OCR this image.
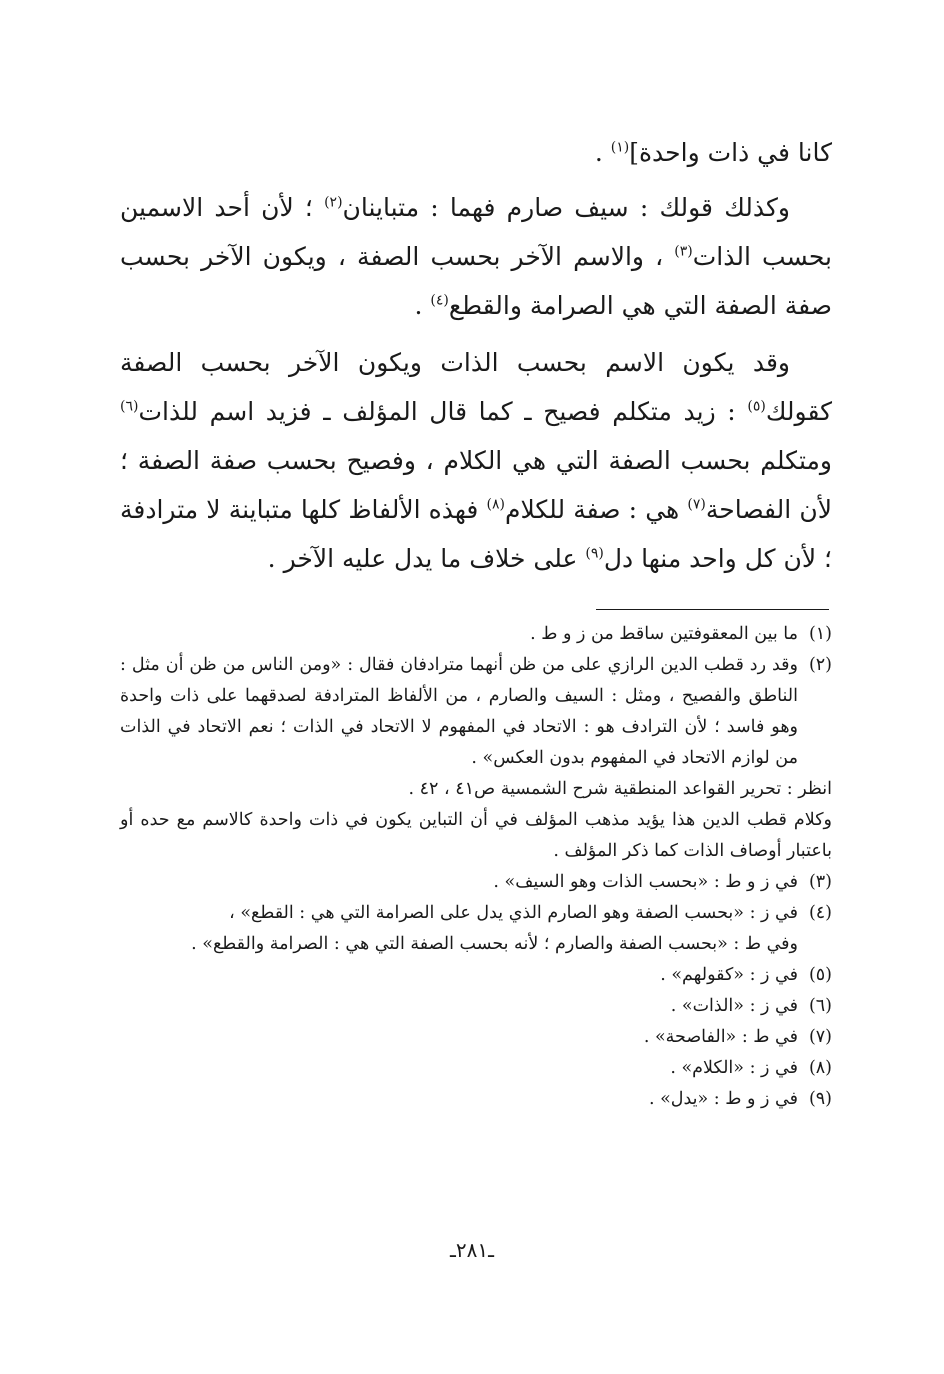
كانا في ذات واحدة]$^{(١)}$ .

وكذلك قولك : سيف صارم فهما : متباينان$^{(٢)}$ ؛ لأن أحد الاسمين بحسب الذات$^{(٣)}$ ، والاسم الآخر بحسب الصفة ، ويكون الآخر بحسب صفة الصفة التي هي الصرامة والقطع$^{(٤)}$ .

وقد يكون الاسم بحسب الذات ويكون الآخر بحسب الصفة كقولك$^{(٥)}$ : زيد متكلم فصيح ـ كما قال المؤلف ـ فزيد اسم للذات$^{(٦)}$ ومتكلم بحسب الصفة التي هي الكلام ، وفصيح بحسب صفة الصفة ؛ لأن الفصاحة$^{(٧)}$ هي : صفة للكلام$^{(٨)}$ فهذه الألفاظ كلها متباينة لا مترادفة ؛ لأن كل واحد منها دل$^{(٩)}$ على خلاف ما يدل عليه الآخر .

(١)
ما بين المعقوفتين ساقط من ز و ط .
(٢)
وقد رد قطب الدين الرازي على من ظن أنهما مترادفان فقال : «ومن الناس من ظن أن مثل : الناطق والفصيح ، ومثل : السيف والصارم ، من الألفاظ المترادفة لصدقهما على ذات واحدة وهو فاسد ؛ لأن الترادف هو : الاتحاد في المفهوم لا الاتحاد في الذات ؛ نعم الاتحاد في الذات من لوازم الاتحاد في المفهوم بدون العكس» .
انظر : تحرير القواعد المنطقية شرح الشمسية ص٤١ ، ٤٢ .
وكلام قطب الدين هذا يؤيد مذهب المؤلف في أن التباين يكون في ذات واحدة كالاسم مع حده أو باعتبار أوصاف الذات كما ذكر المؤلف .
(٣)
في ز و ط : «بحسب الذات وهو السيف» .
(٤)
في ز : «بحسب الصفة وهو الصارم الذي يدل على الصرامة التي هي : القطع» ،
وفي ط : «بحسب الصفة والصارم ؛ لأنه بحسب الصفة التي هي : الصرامة والقطع» .
(٥)
في ز : «كقولهم» .
(٦)
في ز : «الذات» .
(٧)
في ط : «الفاصحة» .
(٨)
في ز : «الكلام» .
(٩)
في ز و ط : «يدل» .
ـ٢٨١ـ
